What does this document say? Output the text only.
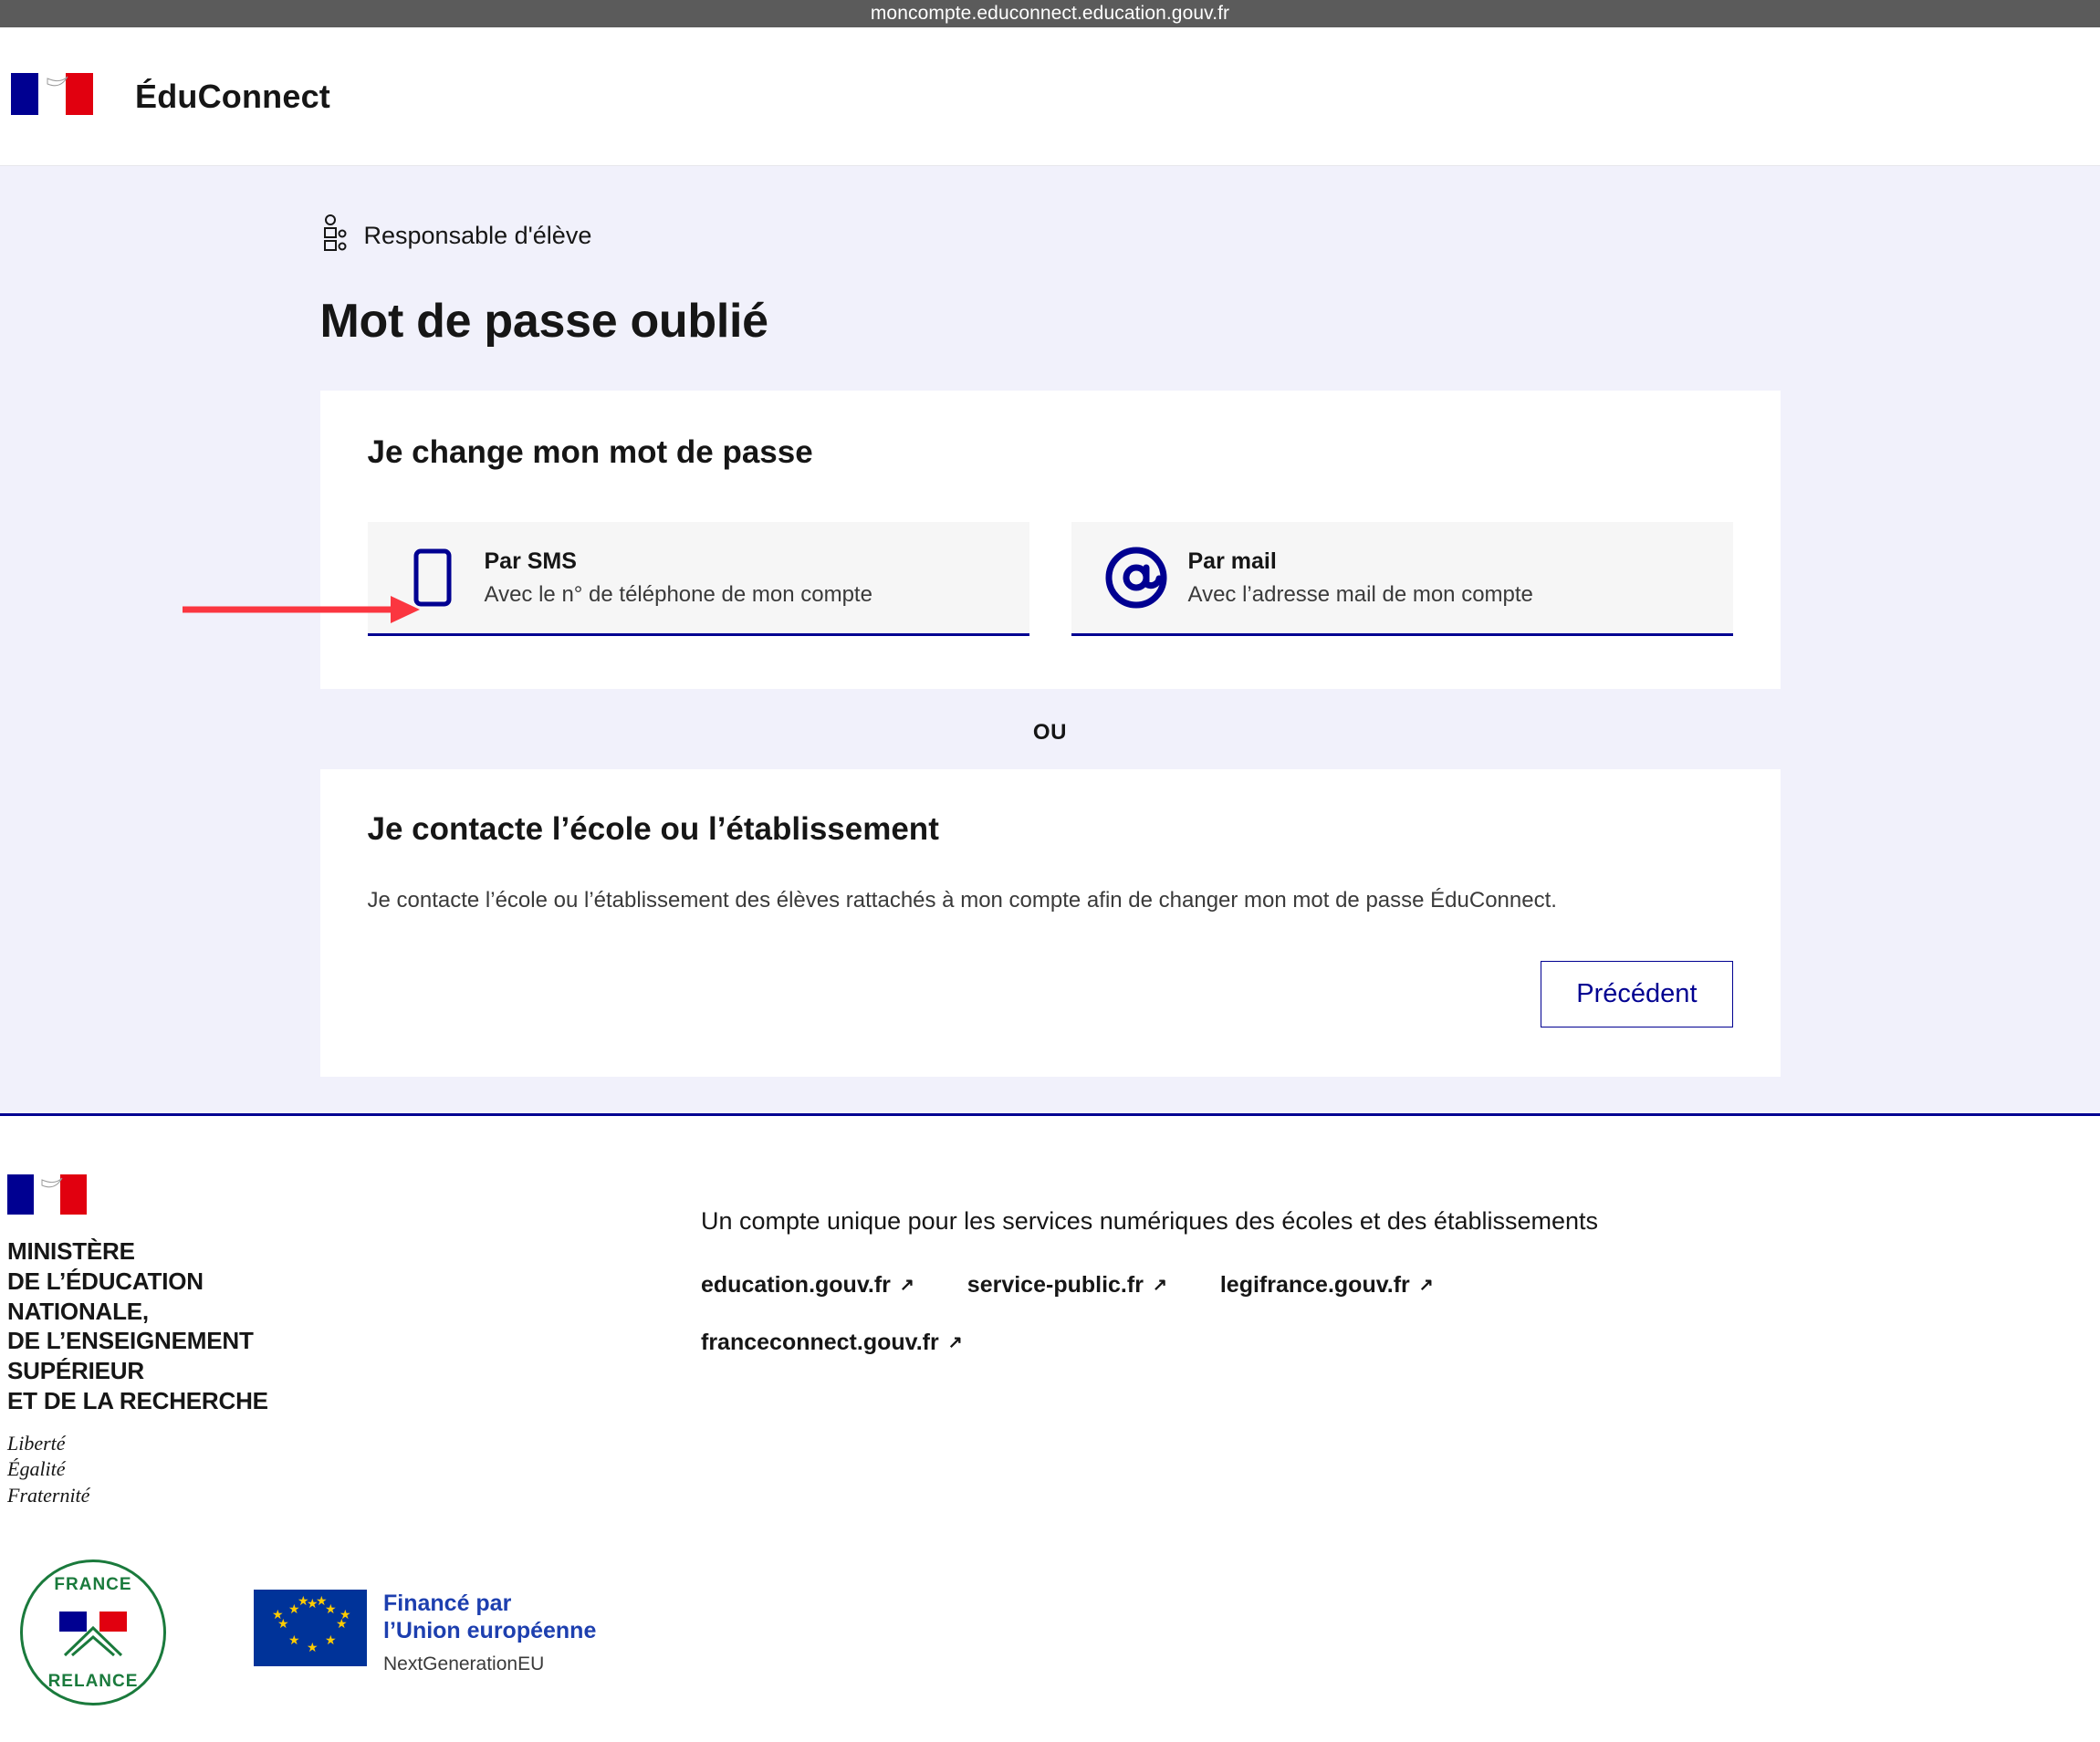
moncompte.educonnect.education.gouv.fr
ÉduConnect
Responsable d'élève
Mot de passe oublié
Je change mon mot de passe
Par SMS
Avec le n° de téléphone de mon compte
Par mail
Avec l’adresse mail de mon compte
OU
Je contacte l’école ou l’établissement

Je contacte l’école ou l’établissement des élèves rattachés à mon compte afin de changer mon mot de passe ÉduConnect.

Précédent
MINISTÈRE
DE L’ÉDUCATION
NATIONALE,
DE L’ENSEIGNEMENT
SUPÉRIEUR
ET DE LA RECHERCHE
Liberté
Égalité
Fraternité
Un compte unique pour les services numériques des écoles et des établissements
education.gouv.fr ↗︎ service-public.fr ↗︎ legifrance.gouv.fr ↗︎
franceconnect.gouv.fr ↗︎
FRANCE
RELANCE
★ ★
★
★
★
★
★
★
★ ★
★
★	Financé par
l’Union européenne
NextGenerationEU
